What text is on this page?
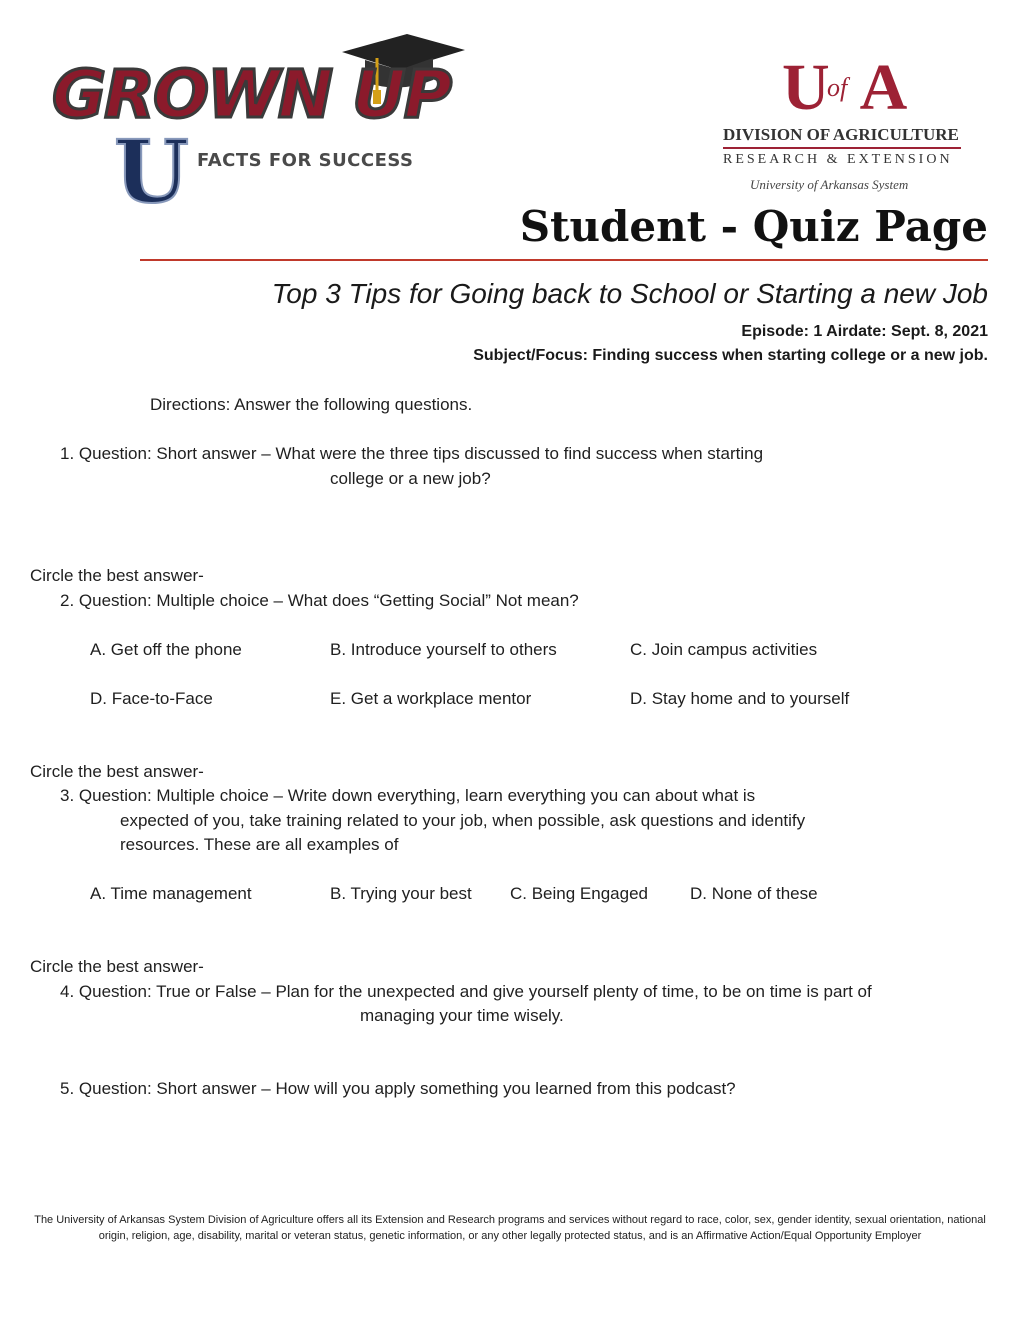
GROWN UP
U FACTS FOR SUCCESS
U A
of
DIVISION OF AGRICULTURE
RESEARCH & EXTENSION
University of Arkansas System
Student - Quiz Page
Top 3 Tips for Going back to School or Starting a new Job
Episode: 1 Airdate: Sept. 8, 2021
Subject/Focus: Finding success when starting college or a new job.
Directions: Answer the following questions.
1. Question: Short answer – What were the three tips discussed to find success when starting
college or a new job?
Circle the best answer-
2. Question: Multiple choice – What does “Getting Social” Not mean?
A. Get off the phone	B. Introduce yourself to others	C. Join campus activities
D. Face-to-Face	E. Get a workplace mentor	D. Stay home and to yourself
Circle the best answer-
3. Question: Multiple choice – Write down everything, learn everything you can about what is
expected of you, take training related to your job, when possible, ask questions and identify
resources. These are all examples of
A. Time management	B. Trying your best C. Being Engaged D. None of these
Circle the best answer-
4. Question: True or False – Plan for the unexpected and give yourself plenty of time, to be on time is part of
managing your time wisely.
5. Question: Short answer – How will you apply something you learned from this podcast?
The University of Arkansas System Division of Agriculture offers all its Extension and Research programs and services without regard to race, color, sex, gender identity, sexual orientation, national origin, religion, age, disability, marital or veteran status, genetic information, or any other legally protected status, and is an Affirmative Action/Equal Opportunity Employer
